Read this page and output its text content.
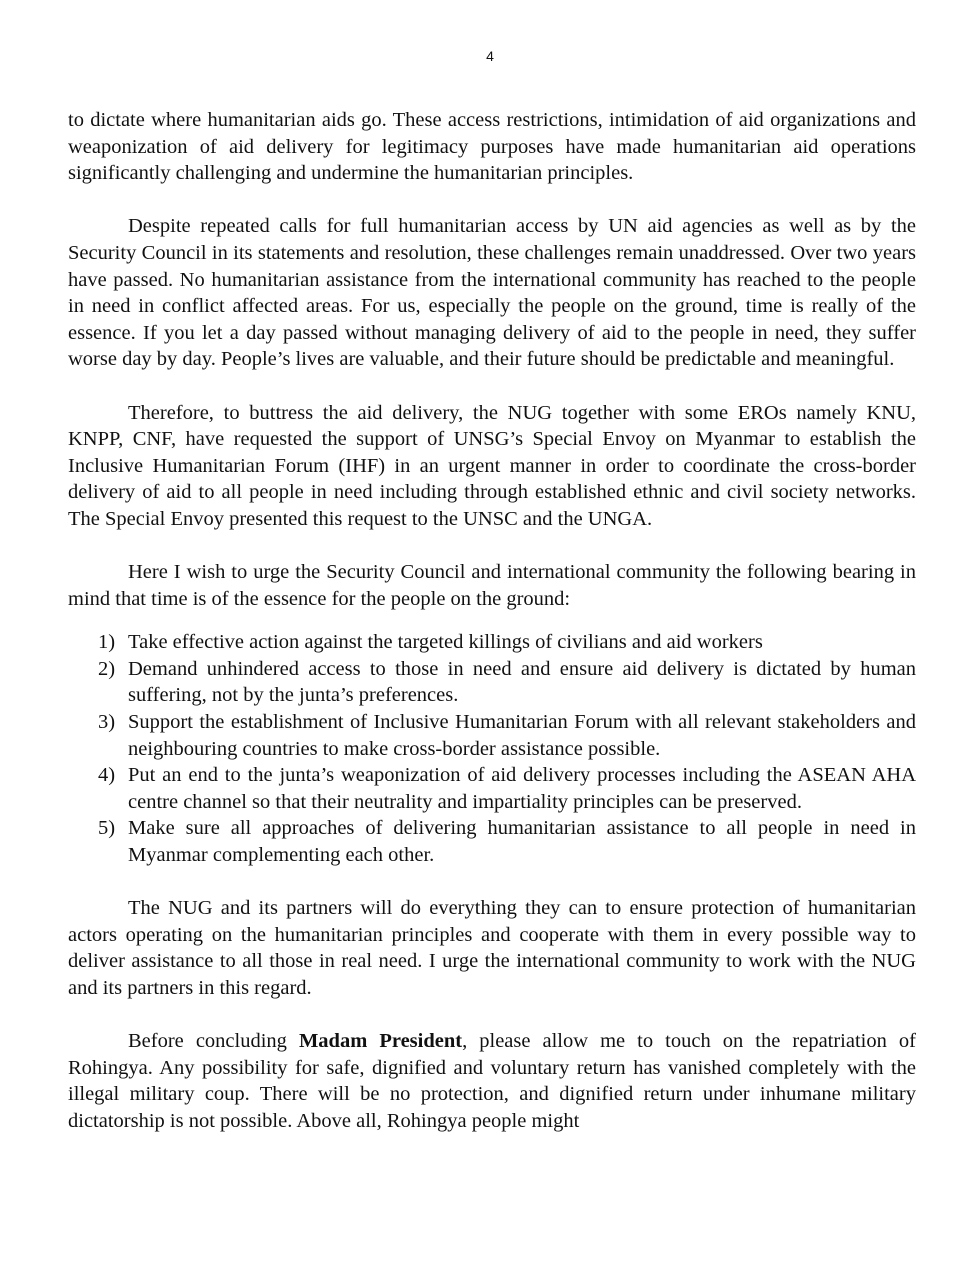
4

to dictate where humanitarian aids go. These access restrictions, intimidation of aid organizations and weaponization of aid delivery for legitimacy purposes have made humanitarian aid operations significantly challenging and undermine the humanitarian principles.

Despite repeated calls for full humanitarian access by UN aid agencies as well as by the Security Council in its statements and resolution, these challenges remain unaddressed. Over two years have passed. No humanitarian assistance from the international community has reached to the people in need in conflict affected areas. For us, especially the people on the ground, time is really of the essence. If you let a day passed without managing delivery of aid to the people in need, they suffer worse day by day. People’s lives are valuable, and their future should be predictable and meaningful.

Therefore, to buttress the aid delivery, the NUG together with some EROs namely KNU, KNPP, CNF, have requested the support of UNSG’s Special Envoy on Myanmar to establish the Inclusive Humanitarian Forum (IHF) in an urgent manner in order to coordinate the cross-border delivery of aid to all people in need including through established ethnic and civil society networks. The Special Envoy presented this request to the UNSC and the UNGA.

Here I wish to urge the Security Council and international community the following bearing in mind that time is of the essence for the people on the ground:

1) Take effective action against the targeted killings of civilians and aid workers
2) Demand unhindered access to those in need and ensure aid delivery is dictated by human suffering, not by the junta’s preferences.
3) Support the establishment of Inclusive Humanitarian Forum with all relevant stakeholders and neighbouring countries to make cross-border assistance possible.
4) Put an end to the junta’s weaponization of aid delivery processes including the ASEAN AHA centre channel so that their neutrality and impartiality principles can be preserved.
5) Make sure all approaches of delivering humanitarian assistance to all people in need in Myanmar complementing each other.

The NUG and its partners will do everything they can to ensure protection of humanitarian actors operating on the humanitarian principles and cooperate with them in every possible way to deliver assistance to all those in real need. I urge the international community to work with the NUG and its partners in this regard.

Before concluding Madam President, please allow me to touch on the repatriation of Rohingya. Any possibility for safe, dignified and voluntary return has vanished completely with the illegal military coup. There will be no protection, and dignified return under inhumane military dictatorship is not possible. Above all, Rohingya people might
